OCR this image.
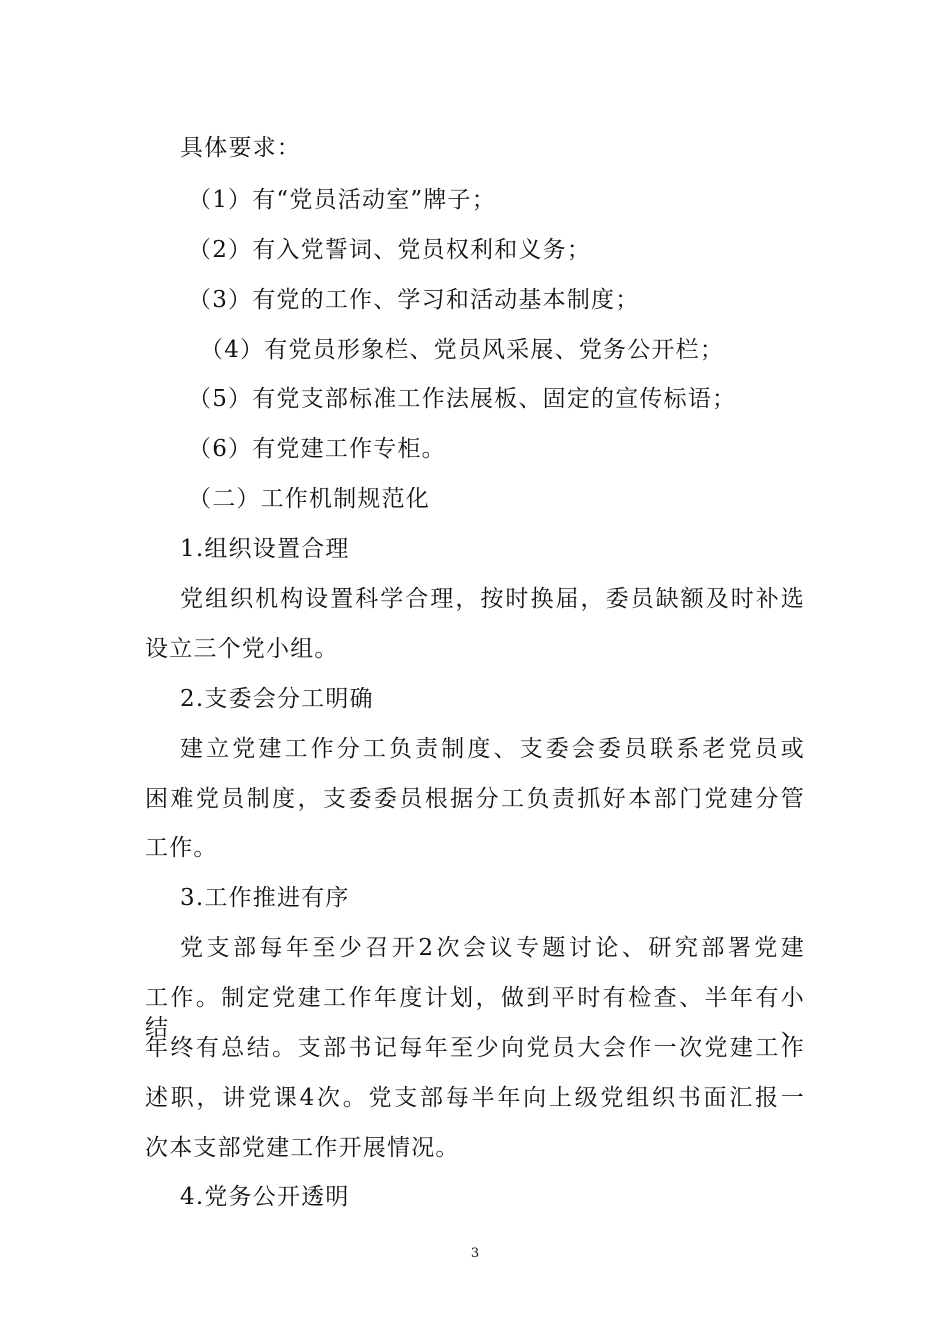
具体要求：
（1）有“党员活动室”牌子；
（2）有入党誓词、党员权利和义务；
（3）有党的工作、学习和活动基本制度；
（4）有党员形象栏、党员风采展、党务公开栏；
（5）有党支部标准工作法展板、固定的宣传标语；
（6）有党建工作专柜。
（二）工作机制规范化
1.组织设置合理
党组织机构设置科学合理，按时换届，委员缺额及时补选
设立三个党小组。
2.支委会分工明确
建立党建工作分工负责制度、支委会委员联系老党员或
困难党员制度，支委委员根据分工负责抓好本部门党建分管
工作。
3.工作推进有序
党支部每年至少召开2次会议专题讨论、研究部署党建
工作。制定党建工作年度计划，做到平时有检查、半年有小结、
年终有总结。支部书记每年至少向党员大会作一次党建工作
述职，讲党课4次。党支部每半年向上级党组织书面汇报一
次本支部党建工作开展情况。
4.党务公开透明
3
